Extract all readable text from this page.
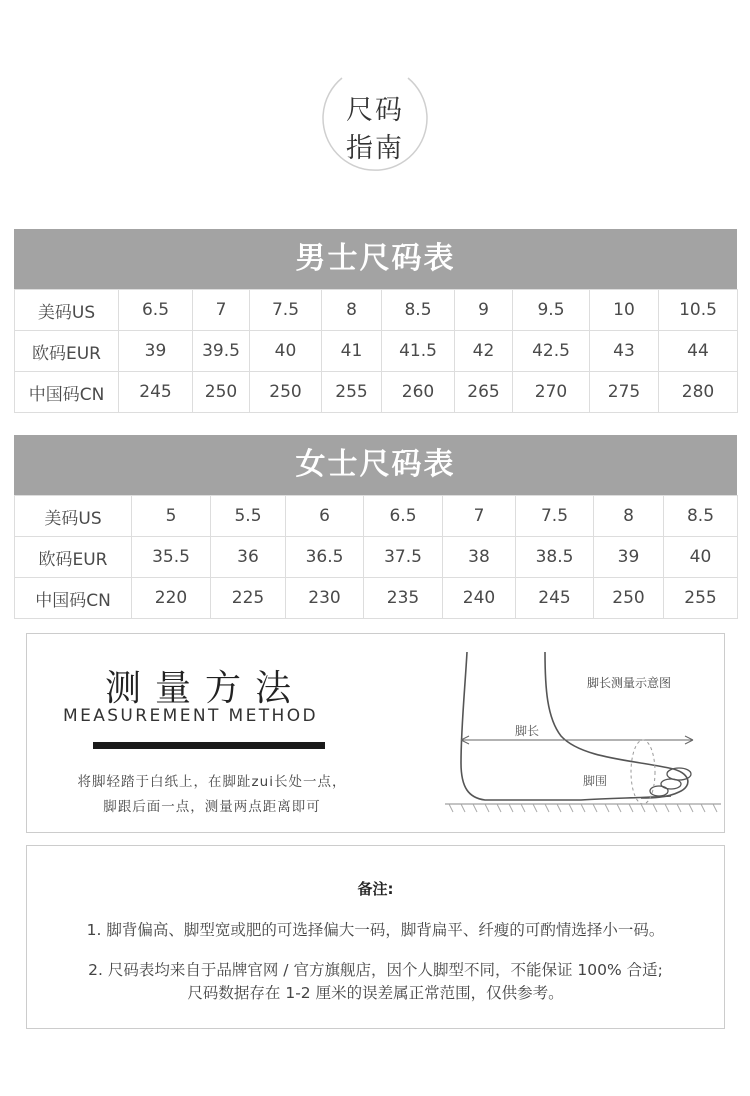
尺码
指南
男士尺码表
美码US	6.5	7	7.5	8	8.5	9	9.5	10	10.5
欧码EUR	39	39.5	40	41	41.5	42	42.5	43	44
中国码CN	245	250	250	255	260	265	270	275	280
女士尺码表
美码US	5	5.5	6	6.5	7	7.5	8	8.5
欧码EUR	35.5	36	36.5	37.5	38	38.5	39	40
中国码CN	220	225	230	235	240	245	250	255
测量方法
MEASUREMENT METHOD
将脚轻踏于白纸上，在脚趾zui长处一点，
脚跟后面一点，测量两点距离即可
脚长测量示意图
脚长
脚围
备注:
1. 脚背偏高、脚型宽或肥的可选择偏大一码，脚背扁平、纤瘦的可酌情选择小一码。
2. 尺码表均来自于品牌官网 / 官方旗舰店，因个人脚型不同，不能保证 100% 合适;
尺码数据存在 1-2 厘米的误差属正常范围，仅供参考。
